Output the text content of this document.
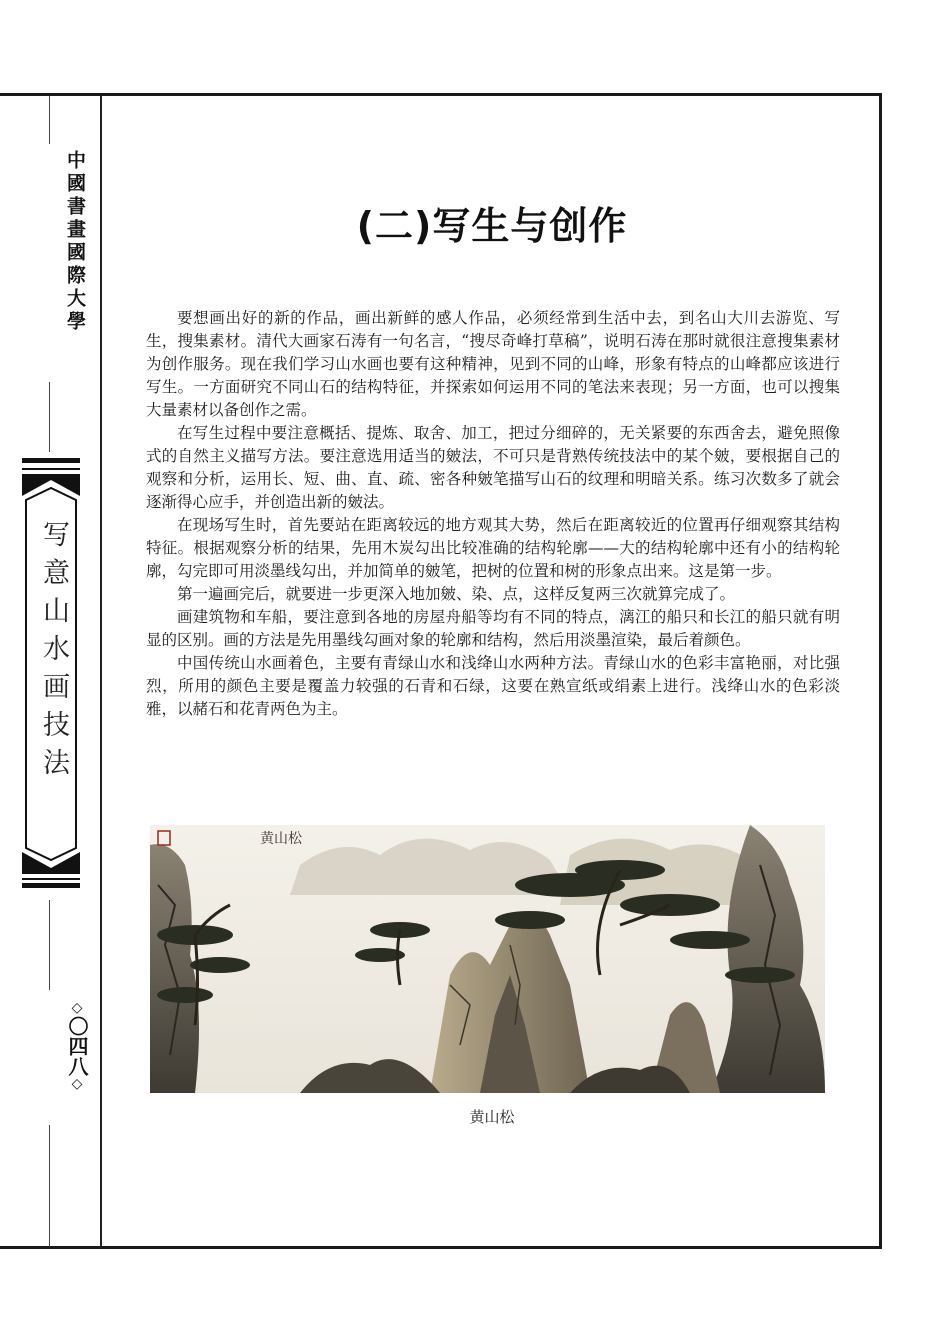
中國書畫國際大學
写意山水画技法
◇〇四八◇
(二)写生与创作

要想画出好的新的作品，画出新鲜的感人作品，必须经常到生活中去，到名山大川去游览、写生，搜集素材。清代大画家石涛有一句名言，“搜尽奇峰打草稿”，说明石涛在那时就很注意搜集素材为创作服务。现在我们学习山水画也要有这种精神，见到不同的山峰，形象有特点的山峰都应该进行写生。一方面研究不同山石的结构特征，并探索如何运用不同的笔法来表现；另一方面，也可以搜集大量素材以备创作之需。

在写生过程中要注意概括、提炼、取舍、加工，把过分细碎的，无关紧要的东西舍去，避免照像式的自然主义描写方法。要注意选用适当的皴法，不可只是背熟传统技法中的某个皴，要根据自己的观察和分析，运用长、短、曲、直、疏、密各种皴笔描写山石的纹理和明暗关系。练习次数多了就会逐渐得心应手，并创造出新的皴法。

在现场写生时，首先要站在距离较远的地方观其大势，然后在距离较近的位置再仔细观察其结构特征。根据观察分析的结果，先用木炭勾出比较准确的结构轮廓——大的结构轮廓中还有小的结构轮廓，勾完即可用淡墨线勾出，并加简单的皴笔，把树的位置和树的形象点出来。这是第一步。

第一遍画完后，就要进一步更深入地加皴、染、点，这样反复两三次就算完成了。

画建筑物和车船，要注意到各地的房屋舟船等均有不同的特点，漓江的船只和长江的船只就有明显的区别。画的方法是先用墨线勾画对象的轮廓和结构，然后用淡墨渲染，最后着颜色。

中国传统山水画着色，主要有青绿山水和浅绛山水两种方法。青绿山水的色彩丰富艳丽，对比强烈，所用的颜色主要是覆盖力较强的石青和石绿，这要在熟宣纸或绢素上进行。浅绛山水的色彩淡雅，以赭石和花青两色为主。

黄山松
黄山松
